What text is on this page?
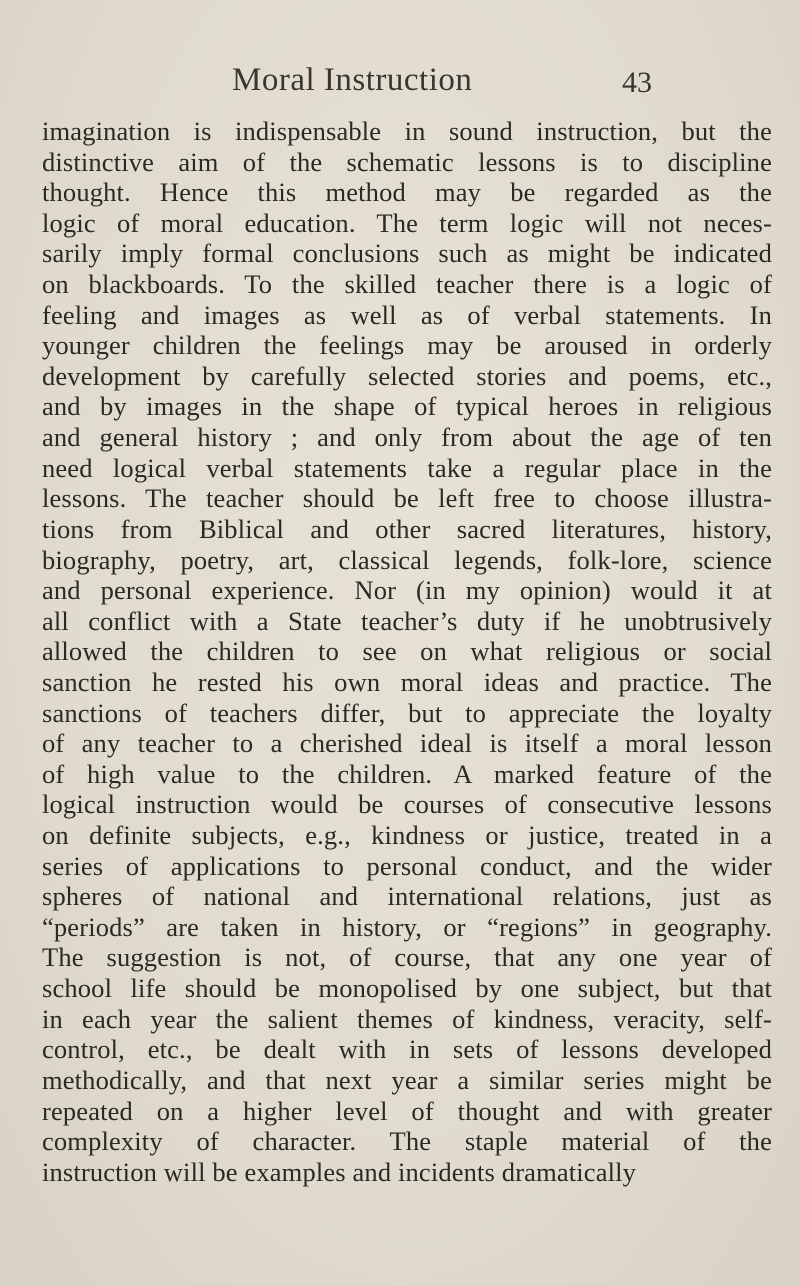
Moral Instruction	43
imagination is indispensable in sound instruction, but the
distinctive aim of the schematic lessons is to discipline
thought. Hence this method may be regarded as the
logic of moral education. The term logic will not neces-
sarily imply formal conclusions such as might be indicated
on blackboards. To the skilled teacher there is a logic of
feeling and images as well as of verbal statements. In
younger children the feelings may be aroused in orderly
development by carefully selected stories and poems, etc.,
and by images in the shape of typical heroes in religious
and general history ; and only from about the age of ten
need logical verbal statements take a regular place in the
lessons. The teacher should be left free to choose illustra-
tions from Biblical and other sacred literatures, history,
biography, poetry, art, classical legends, folk-lore, science
and personal experience. Nor (in my opinion) would it at
all conflict with a State teacher’s duty if he unobtrusively
allowed the children to see on what religious or social
sanction he rested his own moral ideas and practice. The
sanctions of teachers differ, but to appreciate the loyalty
of any teacher to a cherished ideal is itself a moral lesson
of high value to the children. A marked feature of the
logical instruction would be courses of consecutive lessons
on definite subjects, e.g., kindness or justice, treated in a
series of applications to personal conduct, and the wider
spheres of national and international relations, just as
“periods” are taken in history, or “regions” in geography.
The suggestion is not, of course, that any one year of
school life should be monopolised by one subject, but that
in each year the salient themes of kindness, veracity, self-
control, etc., be dealt with in sets of lessons developed
methodically, and that next year a similar series might be
repeated on a higher level of thought and with greater
complexity of character. The staple material of the
instruction will be examples and incidents dramatically
